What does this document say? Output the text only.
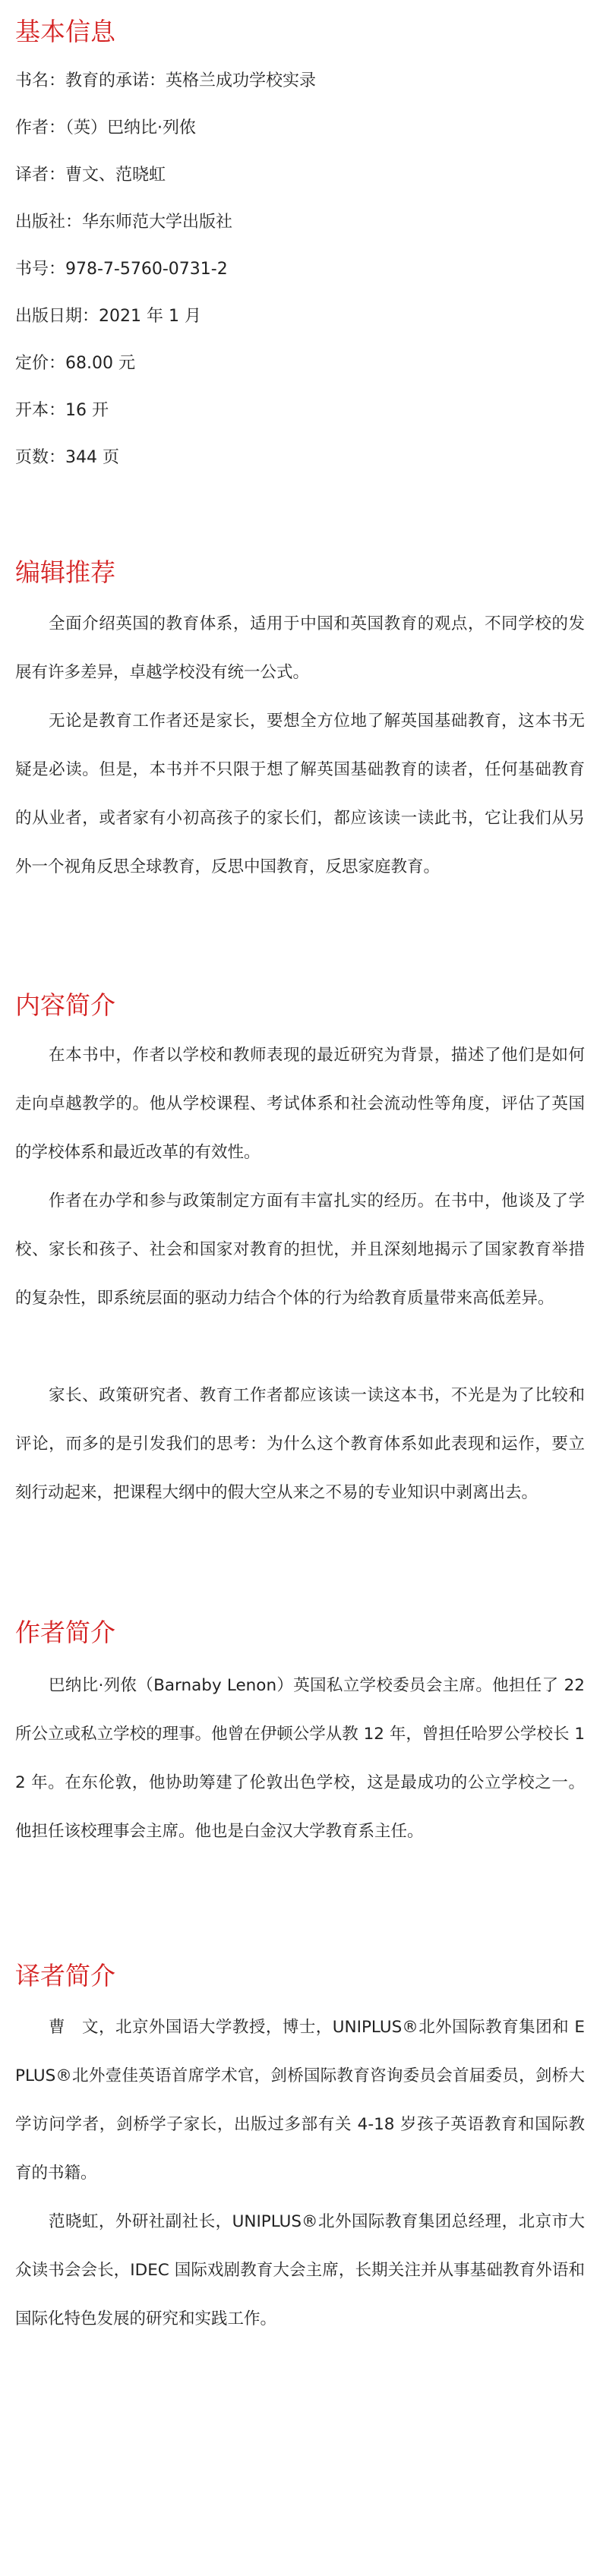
基本信息
书名：教育的承诺：英格兰成功学校实录
作者：（英）巴纳比·列侬
译者：曹文、范晓虹
出版社：华东师范大学出版社
书号：978-7-5760-0731-2
出版日期：2021 年 1 月
定价：68.00 元
开本：16 开
页数：344 页
编辑推荐

全面介绍英国的教育体系，适用于中国和英国教育的观点，不同学校的发展有许多差异，卓越学校没有统一公式。

无论是教育工作者还是家长，要想全方位地了解英国基础教育，这本书无疑是必读。但是，本书并不只限于想了解英国基础教育的读者，任何基础教育的从业者，或者家有小初高孩子的家长们，都应该读一读此书，它让我们从另外一个视角反思全球教育，反思中国教育，反思家庭教育。

内容简介

在本书中，作者以学校和教师表现的最近研究为背景，描述了他们是如何走向卓越教学的。他从学校课程、考试体系和社会流动性等角度，评估了英国的学校体系和最近改革的有效性。

作者在办学和参与政策制定方面有丰富扎实的经历。在书中，他谈及了学校、家长和孩子、社会和国家对教育的担忧，并且深刻地揭示了国家教育举措的复杂性，即系统层面的驱动力结合个体的行为给教育质量带来高低差异。

家长、政策研究者、教育工作者都应该读一读这本书，不光是为了比较和评论，而多的是引发我们的思考：为什么这个教育体系如此表现和运作，要立刻行动起来，把课程大纲中的假大空从来之不易的专业知识中剥离出去。

作者简介

巴纳比·列侬（Barnaby Lenon）英国私立学校委员会主席。他担任了 22 所公立或私立学校的理事。他曾在伊顿公学从教 12 年，曾担任哈罗公学校长 12 年。在东伦敦，他协助筹建了伦敦出色学校，这是最成功的公立学校之一。他担任该校理事会主席。他也是白金汉大学教育系主任。

译者简介

曹　文，北京外国语大学教授，博士，UNIPLUS®北外国际教育集团和 E PLUS®北外壹佳英语首席学术官，剑桥国际教育咨询委员会首届委员，剑桥大学访问学者，剑桥学子家长，出版过多部有关 4-18 岁孩子英语教育和国际教育的书籍。

范晓虹，外研社副社长，UNIPLUS®北外国际教育集团总经理，北京市大众读书会会长，IDEC 国际戏剧教育大会主席，长期关注并从事基础教育外语和国际化特色发展的研究和实践工作。
